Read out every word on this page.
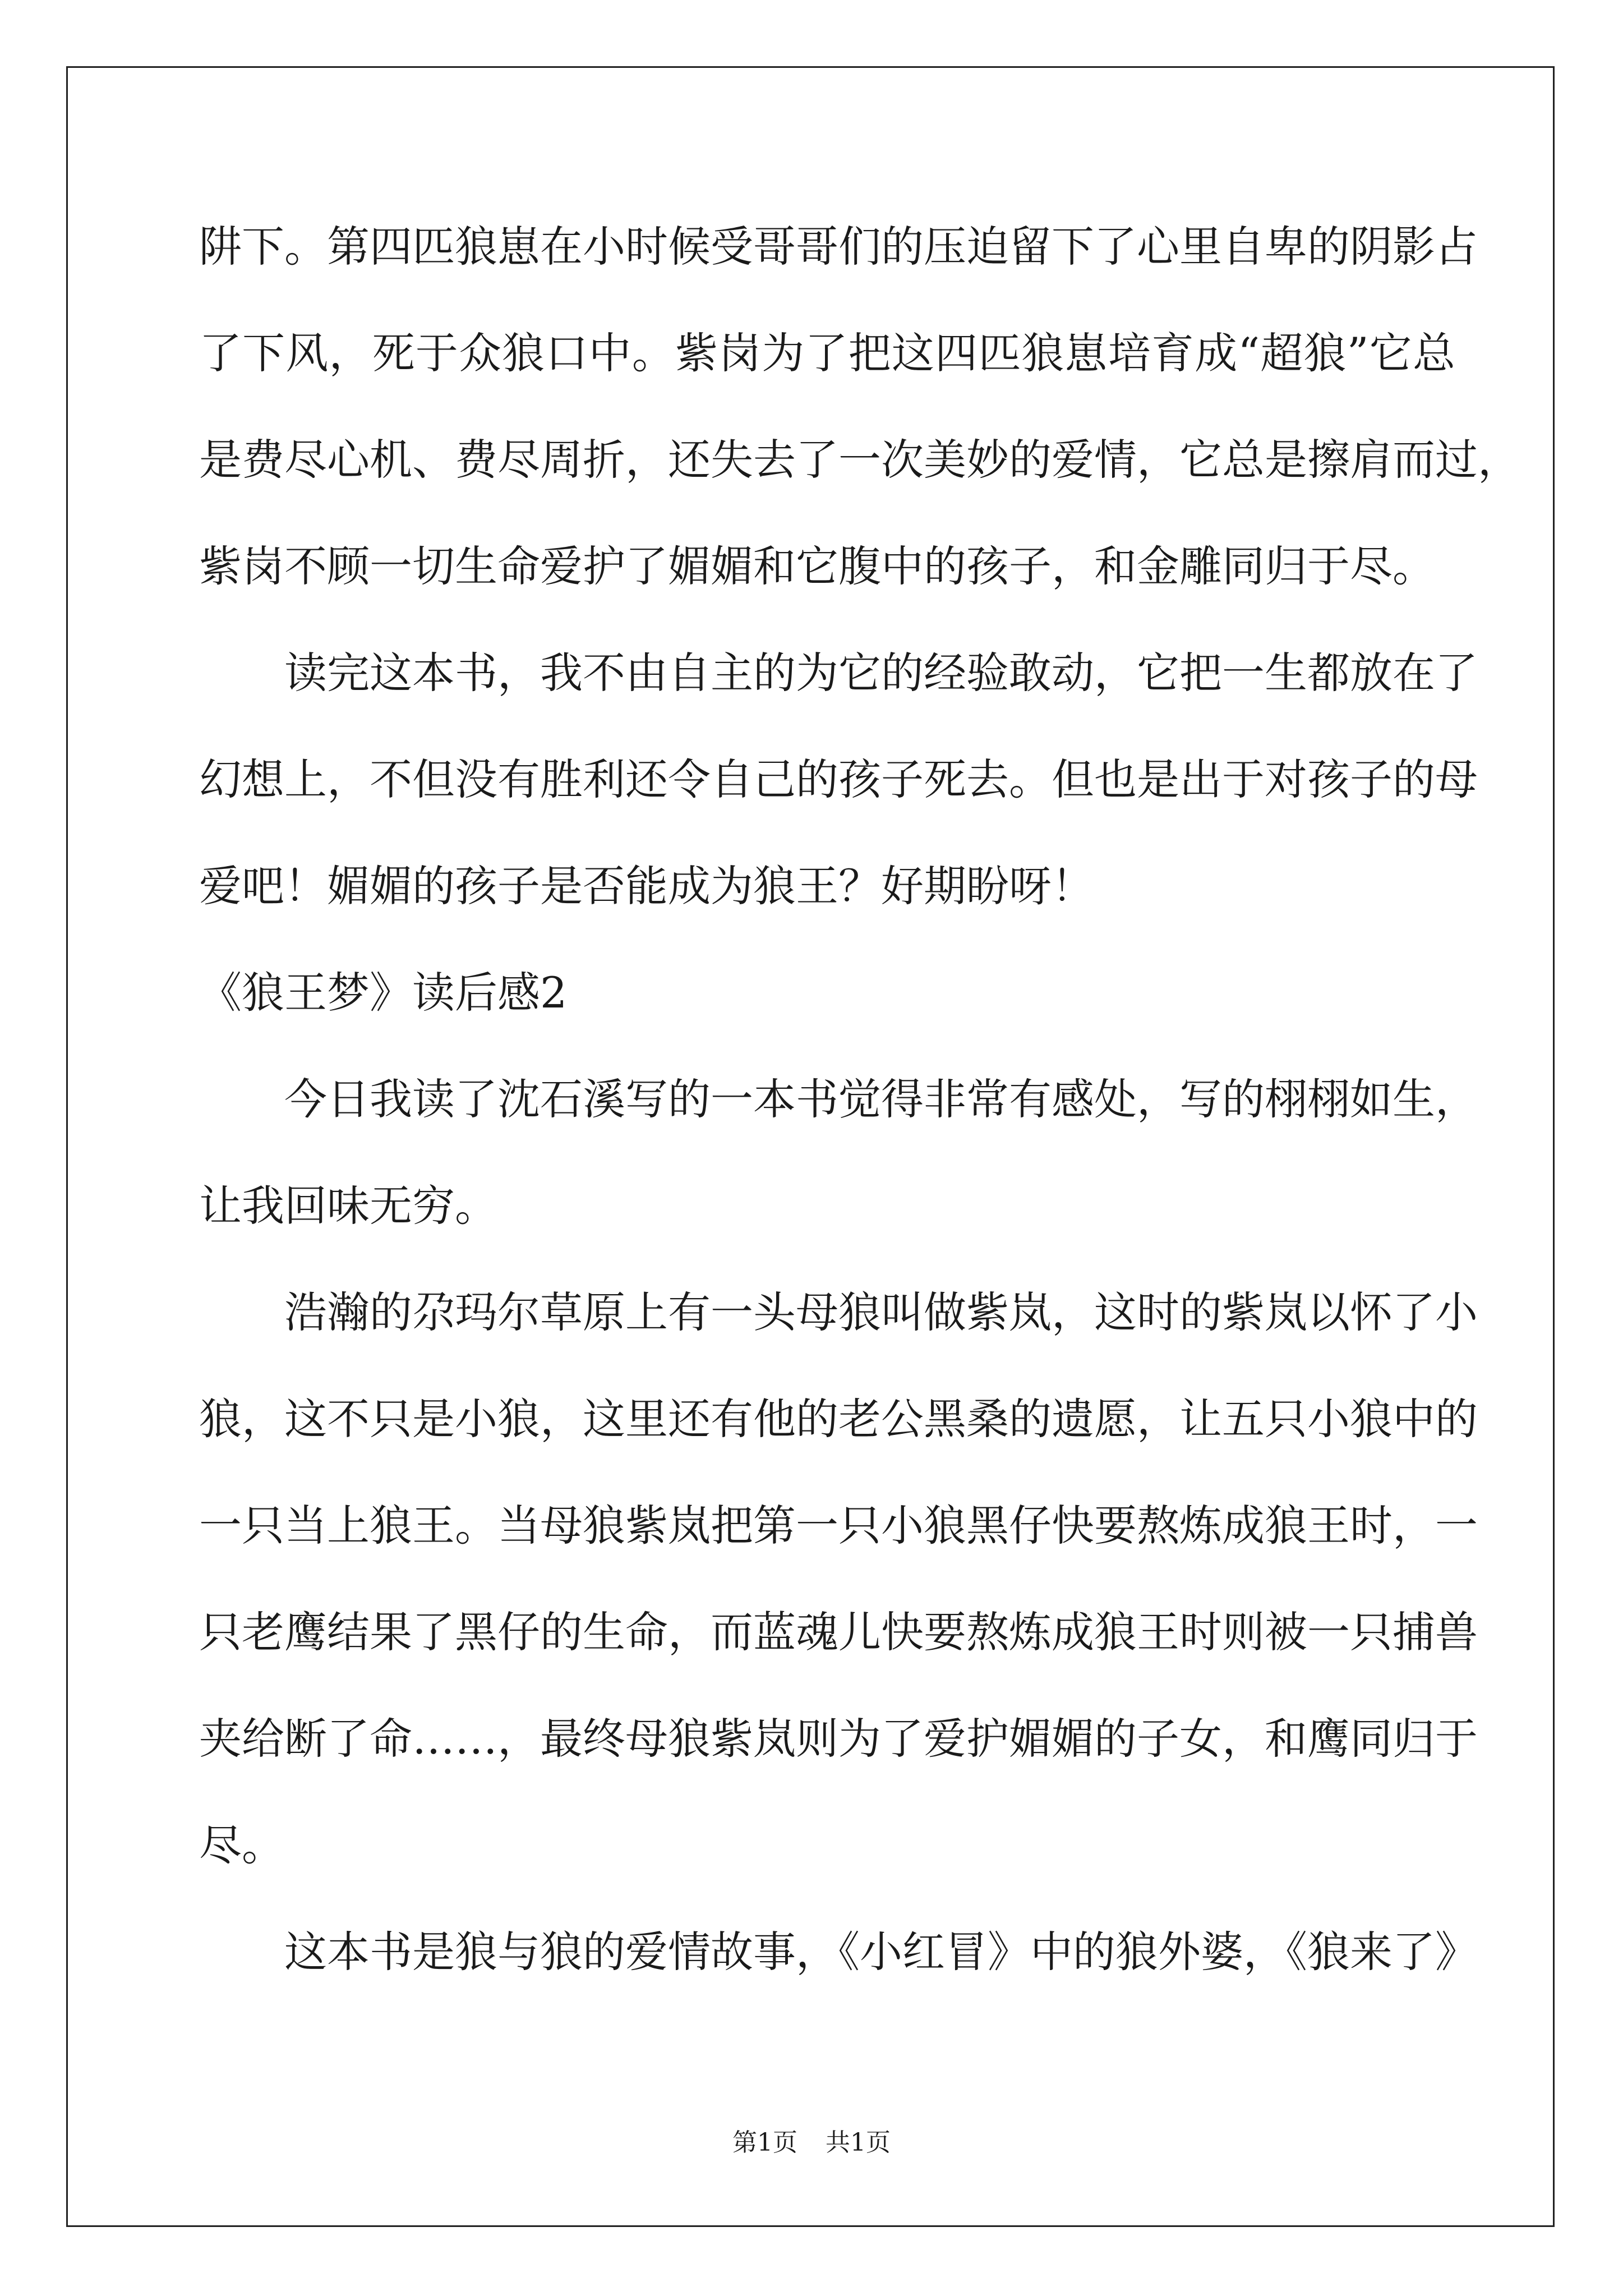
阱下。第四匹狼崽在小时候受哥哥们的压迫留下了心里自卑的阴影占
了下风，死于众狼口中。紫岗为了把这四匹狼崽培育成“超狼”它总
是费尽心机、费尽周折，还失去了一次美妙的爱情，它总是擦肩而过，
紫岗不顾一切生命爱护了媚媚和它腹中的孩子，和金雕同归于尽。
读完这本书，我不由自主的为它的经验敢动，它把一生都放在了
幻想上，不但没有胜利还令自己的孩子死去。但也是出于对孩子的母
爱吧！媚媚的孩子是否能成为狼王？好期盼呀！
《狼王梦》读后感2
今日我读了沈石溪写的一本书觉得非常有感处，写的栩栩如生，
让我回味无穷。
浩瀚的尕玛尔草原上有一头母狼叫做紫岚，这时的紫岚以怀了小
狼，这不只是小狼，这里还有他的老公黑桑的遗愿，让五只小狼中的
一只当上狼王。当母狼紫岚把第一只小狼黑仔快要熬炼成狼王时，一
只老鹰结果了黑仔的生命，而蓝魂儿快要熬炼成狼王时则被一只捕兽
夹给断了命……，最终母狼紫岚则为了爱护媚媚的子女，和鹰同归于
尽。
这本书是狼与狼的爱情故事，《小红冒》中的狼外婆，《狼来了》
第1页 共1页
